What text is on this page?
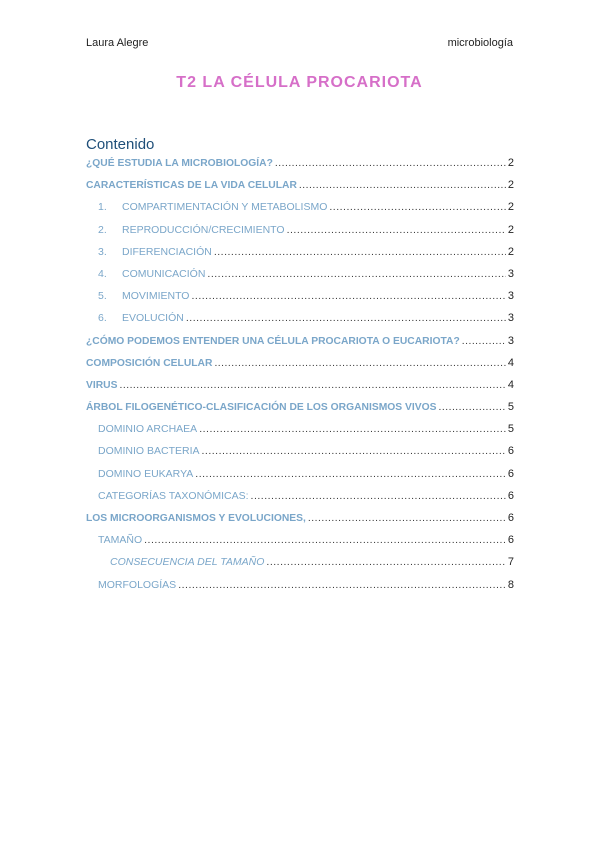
Laura Alegre	microbiología
T2 LA CÉLULA PROCARIOTA
Contenido
¿QUÉ ESTUDIA LA MICROBIOLOGÍA? .....	2
CARACTERÍSTICAS DE LA VIDA CELULAR .....	2
1.	COMPARTIMENTACIÓN Y METABOLISMO .....	2
2.	REPRODUCCIÓN/CRECIMIENTO .....	2
3.	DIFERENCIACIÓN .....	2
4.	COMUNICACIÓN .....	3
5.	MOVIMIENTO .....	3
6.	EVOLUCIÓN .....	3
¿CÓMO PODEMOS ENTENDER UNA CÉLULA PROCARIOTA O EUCARIOTA? .....	3
COMPOSICIÓN CELULAR .....	4
VIRUS .....	4
ÁRBOL FILOGENÉTICO-CLASIFICACIÓN DE LOS ORGANISMOS VIVOS .....	5
DOMINIO ARCHAEA .....	5
DOMINIO BACTERIA .....	6
DOMINO EUKARYA .....	6
CATEGORÍAS TAXONÓMICAS: .....	6
LOS MICROORGANISMOS Y EVOLUCIONES, .....	6
TAMAÑO .....	6
CONSECUENCIA DEL TAMAÑO .....	7
MORFOLOGÍAS .....	8
